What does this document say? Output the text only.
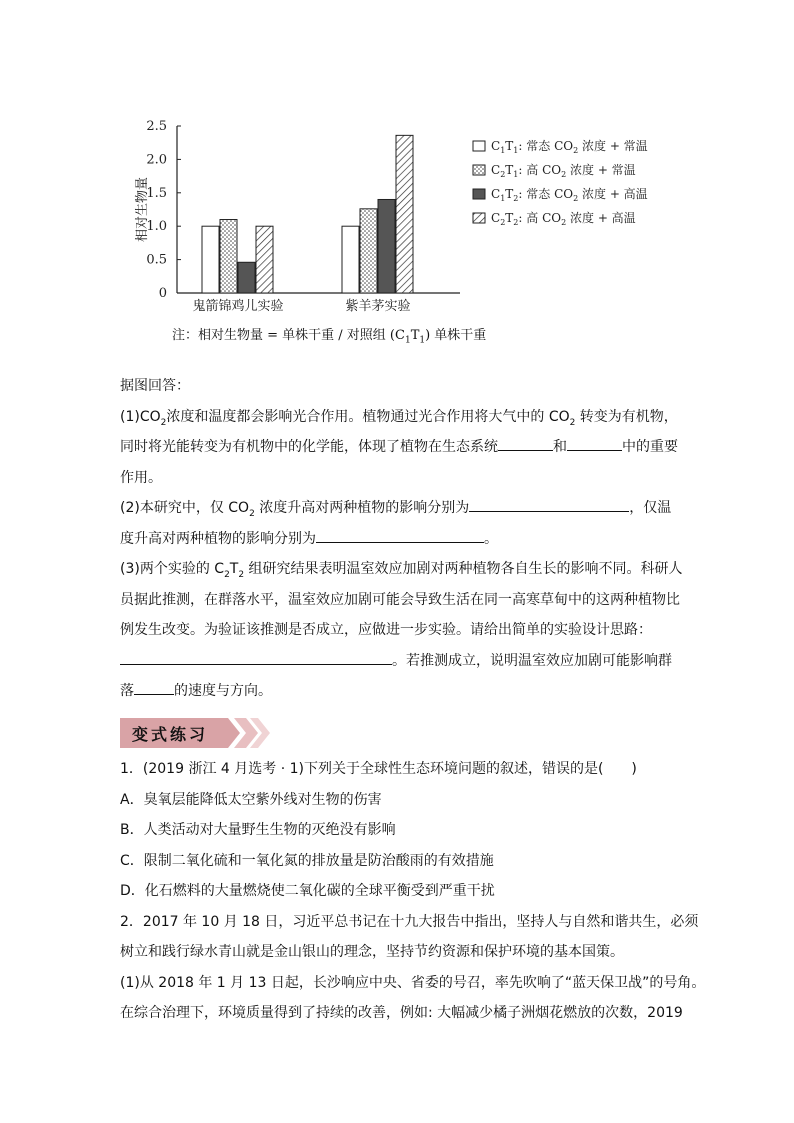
0
0.5
1.0
1.5
2.0
2.5
相对生物量
鬼箭锦鸡儿实验	紫羊茅实验
$C_1T_1$: 常态 $CO_2$ 浓度 + 常温
$C_2T_1$: 高 $CO_2$ 浓度 + 常温
$C_1T_2$: 常态 $CO_2$ 浓度 + 高温
$C_2T_2$: 高 $CO_2$ 浓度 + 高温
注：相对生物量 = 单株干重 / 对照组 $(C_1T_1)$ 单株干重
据图回答：
$(1)CO_2$浓度和温度都会影响光合作用。植物通过光合作用将大气中的 $CO_2$ 转变为有机物，
同时将光能转变为有机物中的化学能，体现了植物在生态系统	和	中的重要
作用。
(2)本研究中，仅 $CO_2$ 浓度升高对两种植物的影响分别为	，仅温
度升高对两种植物的影响分别为	。
(3)两个实验的 $C_2T_2$ 组研究结果表明温室效应加剧对两种植物各自生长的影响不同。科研人
员据此推测，在群落水平，温室效应加剧可能会导致生活在同一高寒草甸中的这两种植物比
例发生改变。为验证该推测是否成立，应做进一步实验。请给出简单的实验设计思路：
。若推测成立，说明温室效应加剧可能影响群
落	的速度与方向。
变式练习
1．(2019 浙江 4 月选考 · 1)下列关于全球性生态环境问题的叙述，错误的是(　　)
A．臭氧层能降低太空紫外线对生物的伤害
B．人类活动对大量野生生物的灭绝没有影响
C．限制二氧化硫和一氧化氮的排放量是防治酸雨的有效措施
D．化石燃料的大量燃烧使二氧化碳的全球平衡受到严重干扰
2．2017 年 10 月 18 日，习近平总书记在十九大报告中指出，坚持人与自然和谐共生，必须
树立和践行绿水青山就是金山银山的理念，坚持节约资源和保护环境的基本国策。
(1)从 2018 年 1 月 13 日起，长沙响应中央、省委的号召，率先吹响了“蓝天保卫战”的号角。
在综合治理下，环境质量得到了持续的改善，例如: 大幅减少橘子洲烟花燃放的次数，2019
